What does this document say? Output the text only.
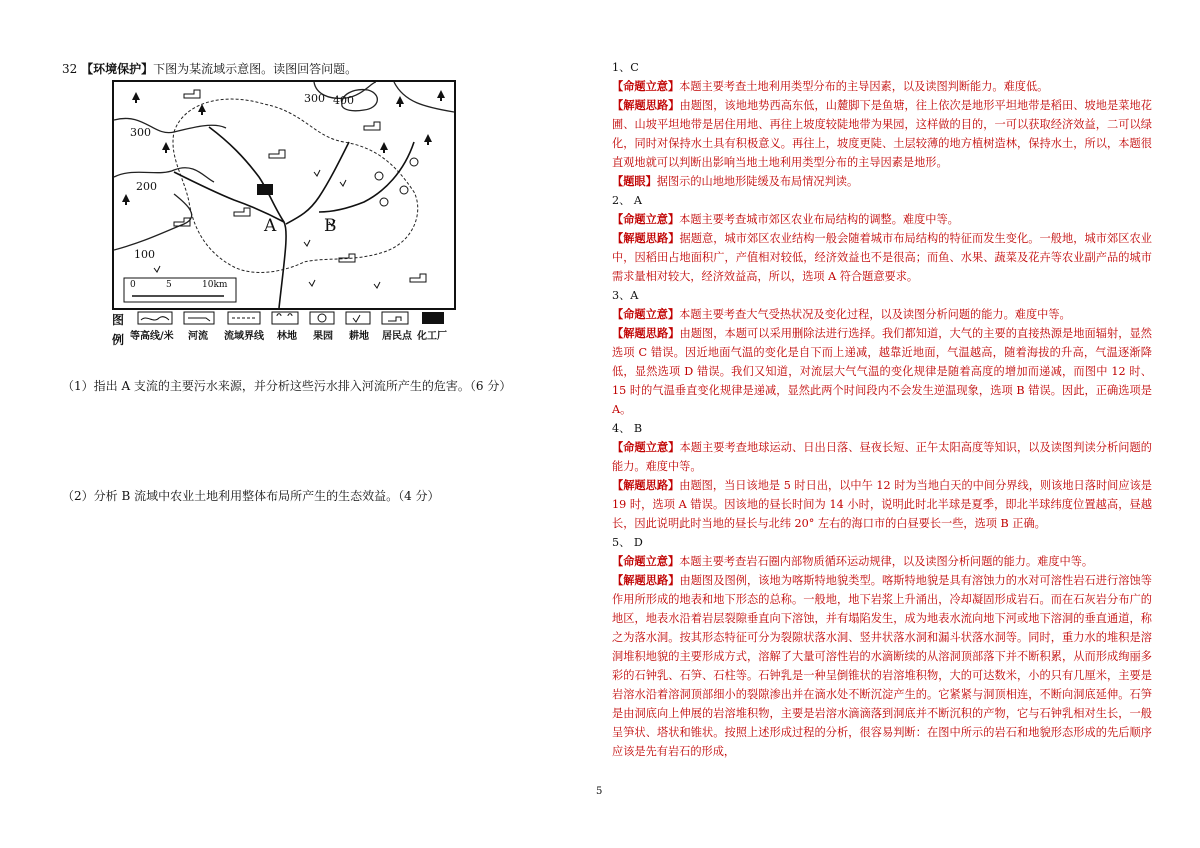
32 【环境保护】下图为某流域示意图。读图回答问题。
300 400
300
200
100
A	B
0	5	10km
图
例 等高线/米 河流 流域界线 林地 果园 耕地 居民点 化工厂
（1）指出 A 支流的主要污水来源，并分析这些污水排入河流所产生的危害。（6 分）
（2）分析 B 流域中农业土地利用整体布局所产生的生态效益。（4 分）
1、C
【命题立意】本题主要考查土地利用类型分布的主导因素，以及读图判断能力。难度低。
【解题思路】由题图，该地地势西高东低，山麓脚下是鱼塘，往上依次是地形平坦地带是稻田、坡地是菜地花圃、山坡平坦地带是居住用地、再往上坡度较陡地带为果园，这样做的目的，一可以获取经济效益，二可以绿化，同时对保持水土具有积极意义。再往上，坡度更陡、土层较薄的地方植树造林，保持水土，所以，本题很直观地就可以判断出影响当地土地利用类型分布的主导因素是地形。
【题眼】据图示的山地地形陡缓及布局情况判读。
2、 A
【命题立意】本题主要考查城市郊区农业布局结构的调整。难度中等。
【解题思路】据题意，城市郊区农业结构一般会随着城市布局结构的特征而发生变化。一般地，城市郊区农业中，因稻田占地面积广，产值相对较低，经济效益也不是很高；而鱼、水果、蔬菜及花卉等农业副产品的城市需求量相对较大，经济效益高，所以，选项 A 符合题意要求。
3、A
【命题立意】本题主要考查大气受热状况及变化过程，以及读图分析问题的能力。难度中等。
【解题思路】由题图，本题可以采用删除法进行选择。我们都知道，大气的主要的直接热源是地面辐射，显然选项 C 错误。因近地面气温的变化是自下而上递减，越靠近地面，气温越高，随着海拔的升高，气温逐渐降低，显然选项 D 错误。我们又知道，对流层大气气温的变化规律是随着高度的增加而递减，而图中 12 时、15 时的气温垂直变化规律是递减，显然此两个时间段内不会发生逆温现象，选项 B 错误。因此，正确选项是 A。
4、 B
【命题立意】本题主要考查地球运动、日出日落、昼夜长短、正午太阳高度等知识，以及读图判读分析问题的能力。难度中等。
【解题思路】由题图，当日该地是 5 时日出，以中午 12 时为当地白天的中间分界线，则该地日落时间应该是 19 时，选项 A 错误。因该地的昼长时间为 14 小时，说明此时北半球是夏季，即北半球纬度位置越高，昼越长，因此说明此时当地的昼长与北纬 20° 左右的海口市的白昼要长一些，选项 B 正确。
5、 D
【命题立意】本题主要考查岩石圈内部物质循环运动规律，以及读图分析问题的能力。难度中等。
【解题思路】由题图及图例，该地为喀斯特地貌类型。喀斯特地貌是具有溶蚀力的水对可溶性岩石进行溶蚀等作用所形成的地表和地下形态的总称。一般地，地下岩浆上升涌出，冷却凝固形成岩石。而在石灰岩分布广的地区，地表水沿着岩层裂隙垂直向下溶蚀，并有塌陷发生，成为地表水流向地下河或地下溶洞的垂直通道，称之为落水洞。按其形态特征可分为裂隙状落水洞、竖井状落水洞和漏斗状落水洞等。同时，重力水的堆积是溶洞堆积地貌的主要形成方式，溶解了大量可溶性岩的水滴断续的从溶洞顶部落下并不断积累，从而形成绚丽多彩的石钟乳、石笋、石柱等。石钟乳是一种呈倒锥状的岩溶堆积物，大的可达数米，小的只有几厘米，主要是岩溶水沿着溶洞顶部细小的裂隙渗出并在滴水处不断沉淀产生的。它紧紧与洞顶相连，不断向洞底延伸。石笋是由洞底向上伸展的岩溶堆积物，主要是岩溶水滴滴落到洞底并不断沉积的产物，它与石钟乳相对生长，一般呈笋状、塔状和锥状。按照上述形成过程的分析，很容易判断：在图中所示的岩石和地貌形态形成的先后顺序应该是先有岩石的形成，
5
